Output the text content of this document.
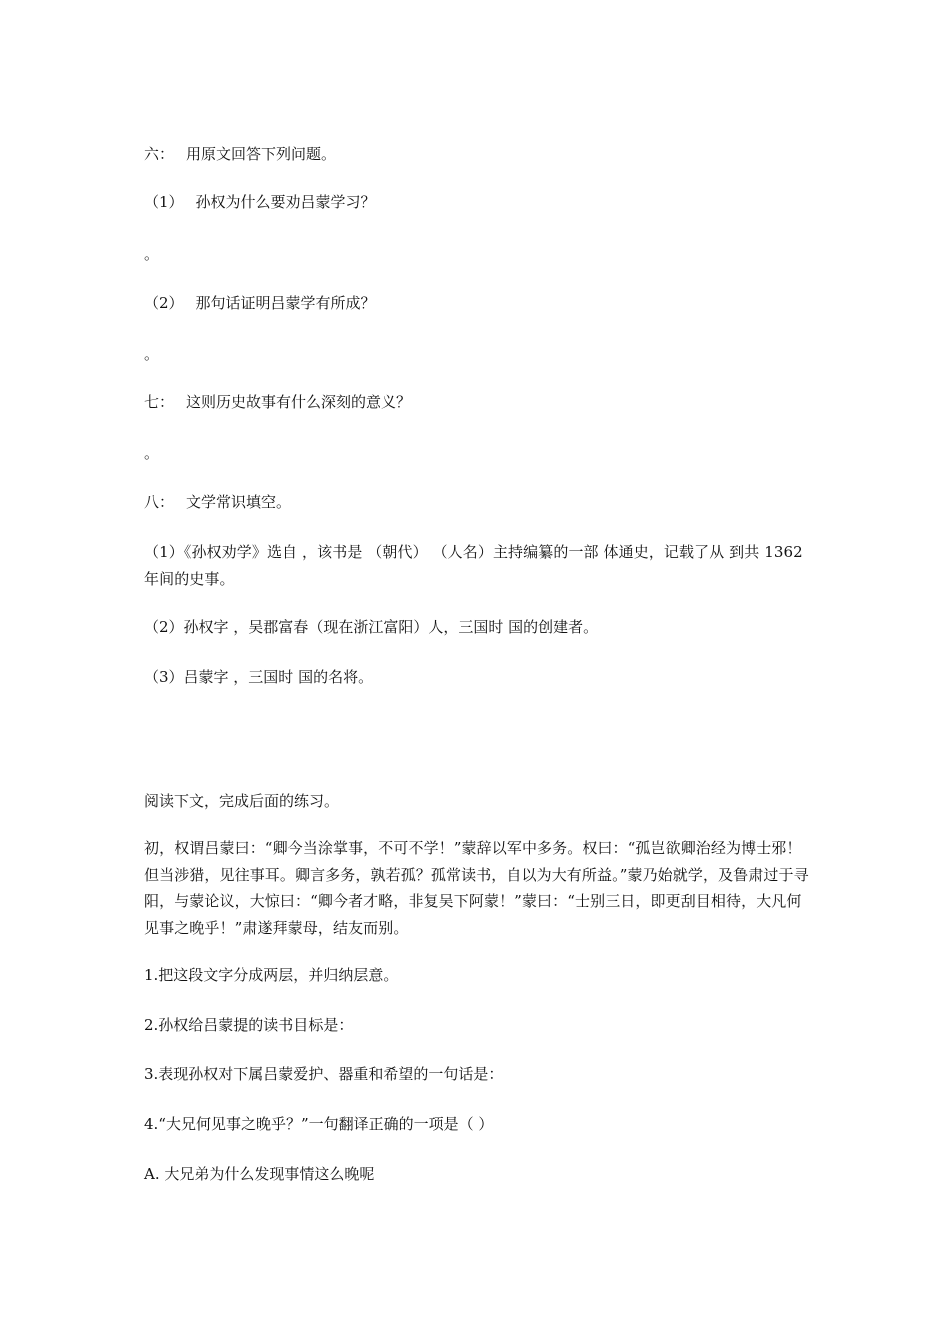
六： 用原文回答下列问题。
（1） 孙权为什么要劝吕蒙学习？
。
（2） 那句话证明吕蒙学有所成？
。
七： 这则历史故事有什么深刻的意义？
。
八： 文学常识填空。
（1）《孙权劝学》选自 ，该书是 （朝代） （人名）主持编纂的一部 体通史，记载了从 到共 1362 年间的史事。
（2）孙权字 ，吴郡富春（现在浙江富阳）人，三国时 国的创建者。
（3）吕蒙字 ，三国时 国的名将。
阅读下文，完成后面的练习。
初，权谓吕蒙曰：“卿今当涂掌事，不可不学！”蒙辞以军中多务。权曰：“孤岂欲卿治经为博士邪！但当涉猎，见往事耳。卿言多务，孰若孤？孤常读书，自以为大有所益。”蒙乃始就学，及鲁肃过于寻阳，与蒙论议，大惊曰：“卿今者才略，非复吴下阿蒙！”蒙曰：“士别三日，即更刮目相待，大凡何见事之晚乎！”肃遂拜蒙母，结友而别。
1.把这段文字分成两层，并归纳层意。
2.孙权给吕蒙提的读书目标是：
3.表现孙权对下属吕蒙爱护、器重和希望的一句话是：
4.“大兄何见事之晚乎？”一句翻译正确的一项是（ ）
A. 大兄弟为什么发现事情这么晚呢
